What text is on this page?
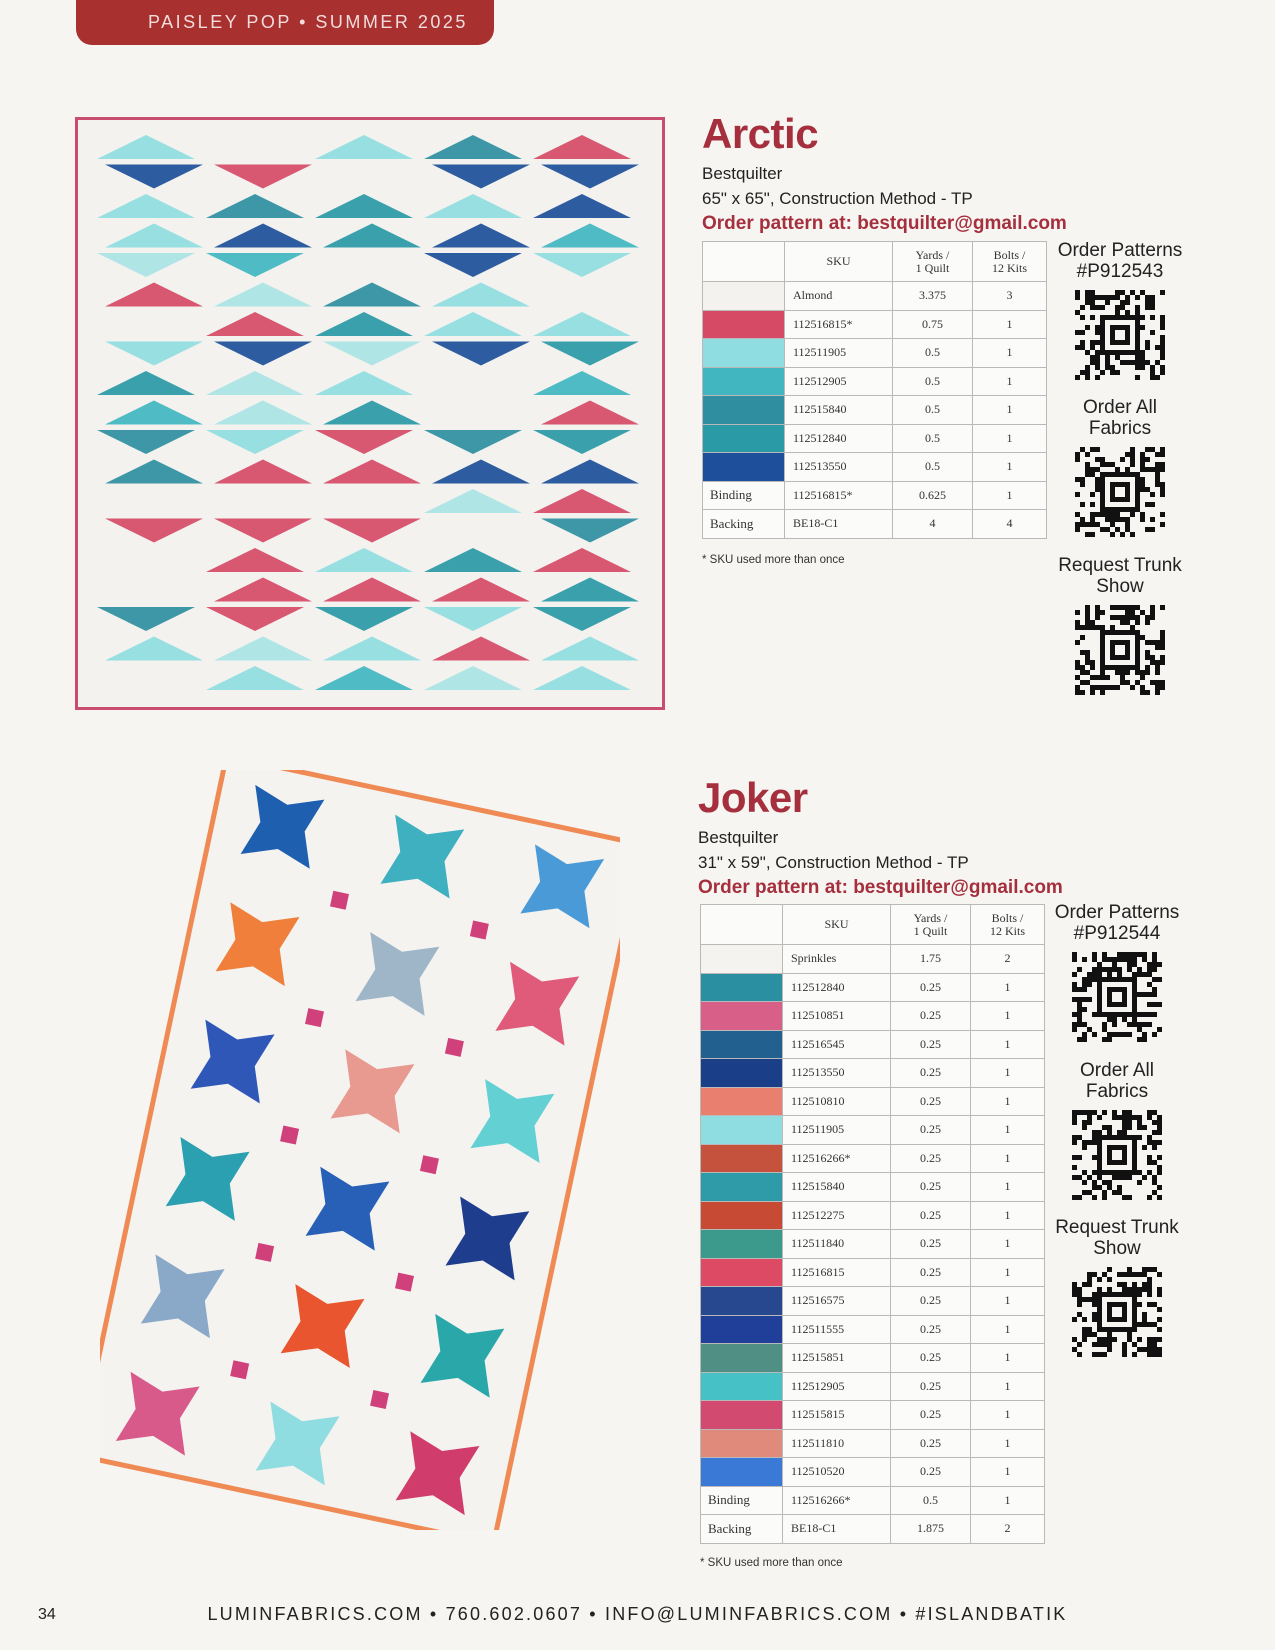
PAISLEY POP • SUMMER 2025
Arctic
Bestquilter
65" x 65", Construction Method - TP
Order pattern at: bestquilter@gmail.com
	SKU	Yards /
1 Quilt	Bolts /
12 Kits
	Almond	3.375	3
	112516815*	0.75	1
	112511905	0.5	1
	112512905	0.5	1
	112515840	0.5	1
	112512840	0.5	1
	112513550	0.5	1
Binding	112516815*	0.625	1
Backing	BE18-C1	4	4
* SKU used more than once
Order Patterns
#P912543
Order All
Fabrics
Request Trunk
Show
Joker
Bestquilter
31" x 59", Construction Method - TP
Order pattern at: bestquilter@gmail.com
	SKU	Yards /
1 Quilt	Bolts /
12 Kits
	Sprinkles	1.75	2
	112512840	0.25	1
	112510851	0.25	1
	112516545	0.25	1
	112513550	0.25	1
	112510810	0.25	1
	112511905	0.25	1
	112516266*	0.25	1
	112515840	0.25	1
	112512275	0.25	1
	112511840	0.25	1
	112516815	0.25	1
	112516575	0.25	1
	112511555	0.25	1
	112515851	0.25	1
	112512905	0.25	1
	112515815	0.25	1
	112511810	0.25	1
	112510520	0.25	1
Binding	112516266*	0.5	1
Backing	BE18-C1	1.875	2
* SKU used more than once
Order Patterns
#P912544
Order All
Fabrics
Request Trunk
Show
34	LUMINFABRICS.COM • 760.602.0607 • INFO@LUMINFABRICS.COM • #ISLANDBATIK
